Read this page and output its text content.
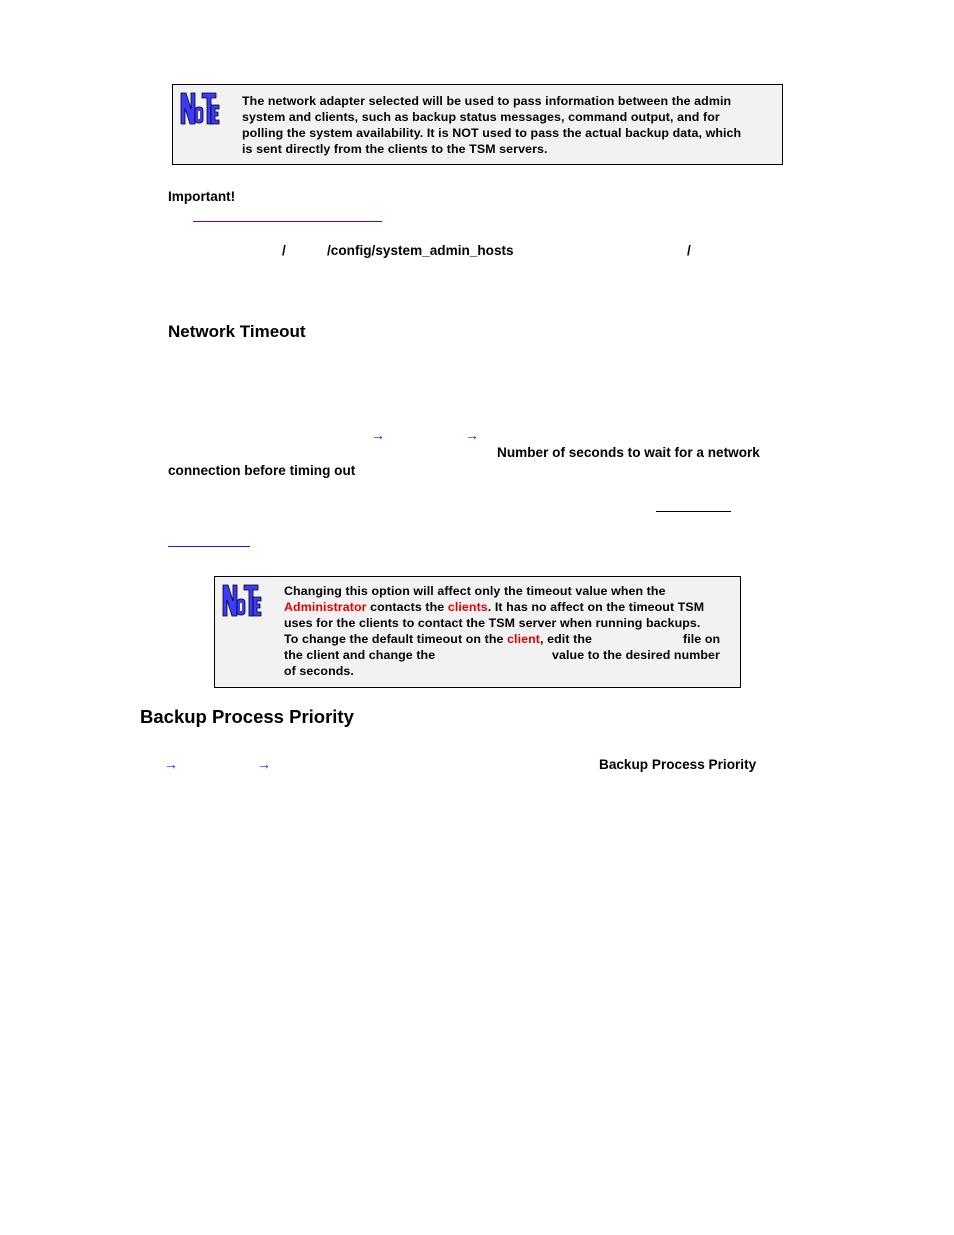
The network adapter selected will be used to pass information between the admin
system and clients, such as backup status messages, command output, and for
polling the system availability. It is NOT used to pass the actual backup data, which
is sent directly from the clients to the TSM servers.
Important!
/	/config/system_admin_hosts	/
Network Timeout
→	→
Number of seconds to wait for a network
connection before timing out
Changing this option will affect only the timeout value when the
Administrator contacts the clients. It has no affect on the timeout TSM
uses for the clients to contact the TSM server when running backups.
To change the default timeout on the client, edit the	file on
the client and change the	value to the desired number
of seconds.
Backup Process Priority
→	→	Backup Process Priority
